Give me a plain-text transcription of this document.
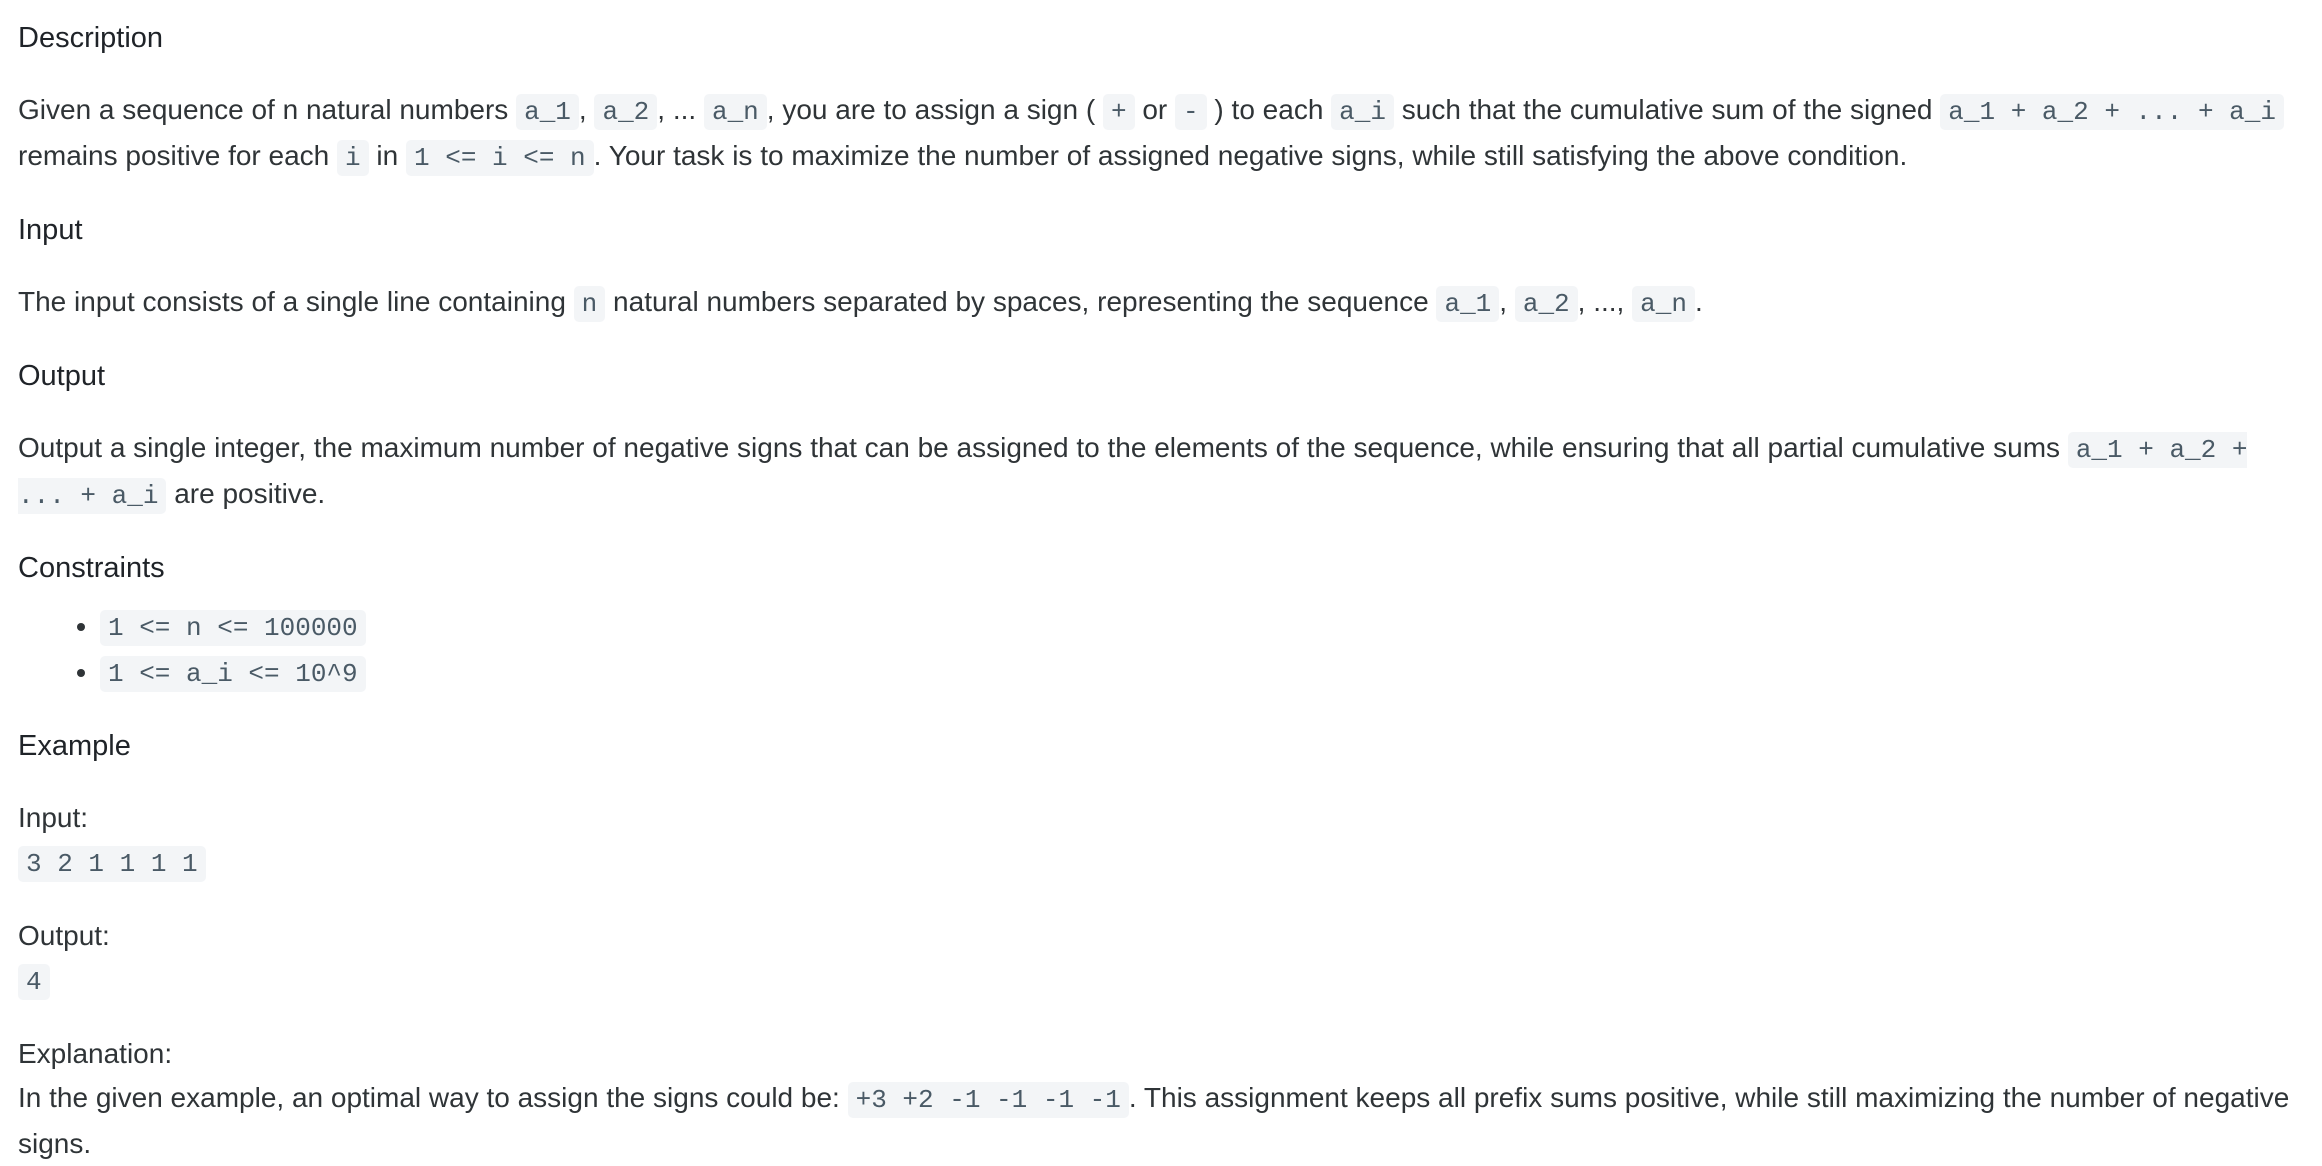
Description

Given a sequence of n natural numbers a_1 , a_2 , ... a_n , you are to assign a sign ( + or - ) to each a_i such that the cumulative sum of the signed a_1 + a_2 + ... + a_i remains positive for each i in 1 <= i <= n . Your task is to maximize the number of assigned negative signs, while still satisfying the above condition.

Input

The input consists of a single line containing n natural numbers separated by spaces, representing the sequence a_1 , a_2 , ..., a_n .

Output

Output a single integer, the maximum number of negative signs that can be assigned to the elements of the sequence, while ensuring that all partial cumulative sums a_1 + a_2 + ... + a_i are positive.

Constraints
• 1 <= n <= 100000
• 1 <= a_i <= 10^9
Example
Input:
3 2 1 1 1 1
Output:
4
Explanation:
In the given example, an optimal way to assign the signs could be: +3 +2 -1 -1 -1 -1 . This assignment keeps all prefix sums positive, while still maximizing the number of negative signs.
